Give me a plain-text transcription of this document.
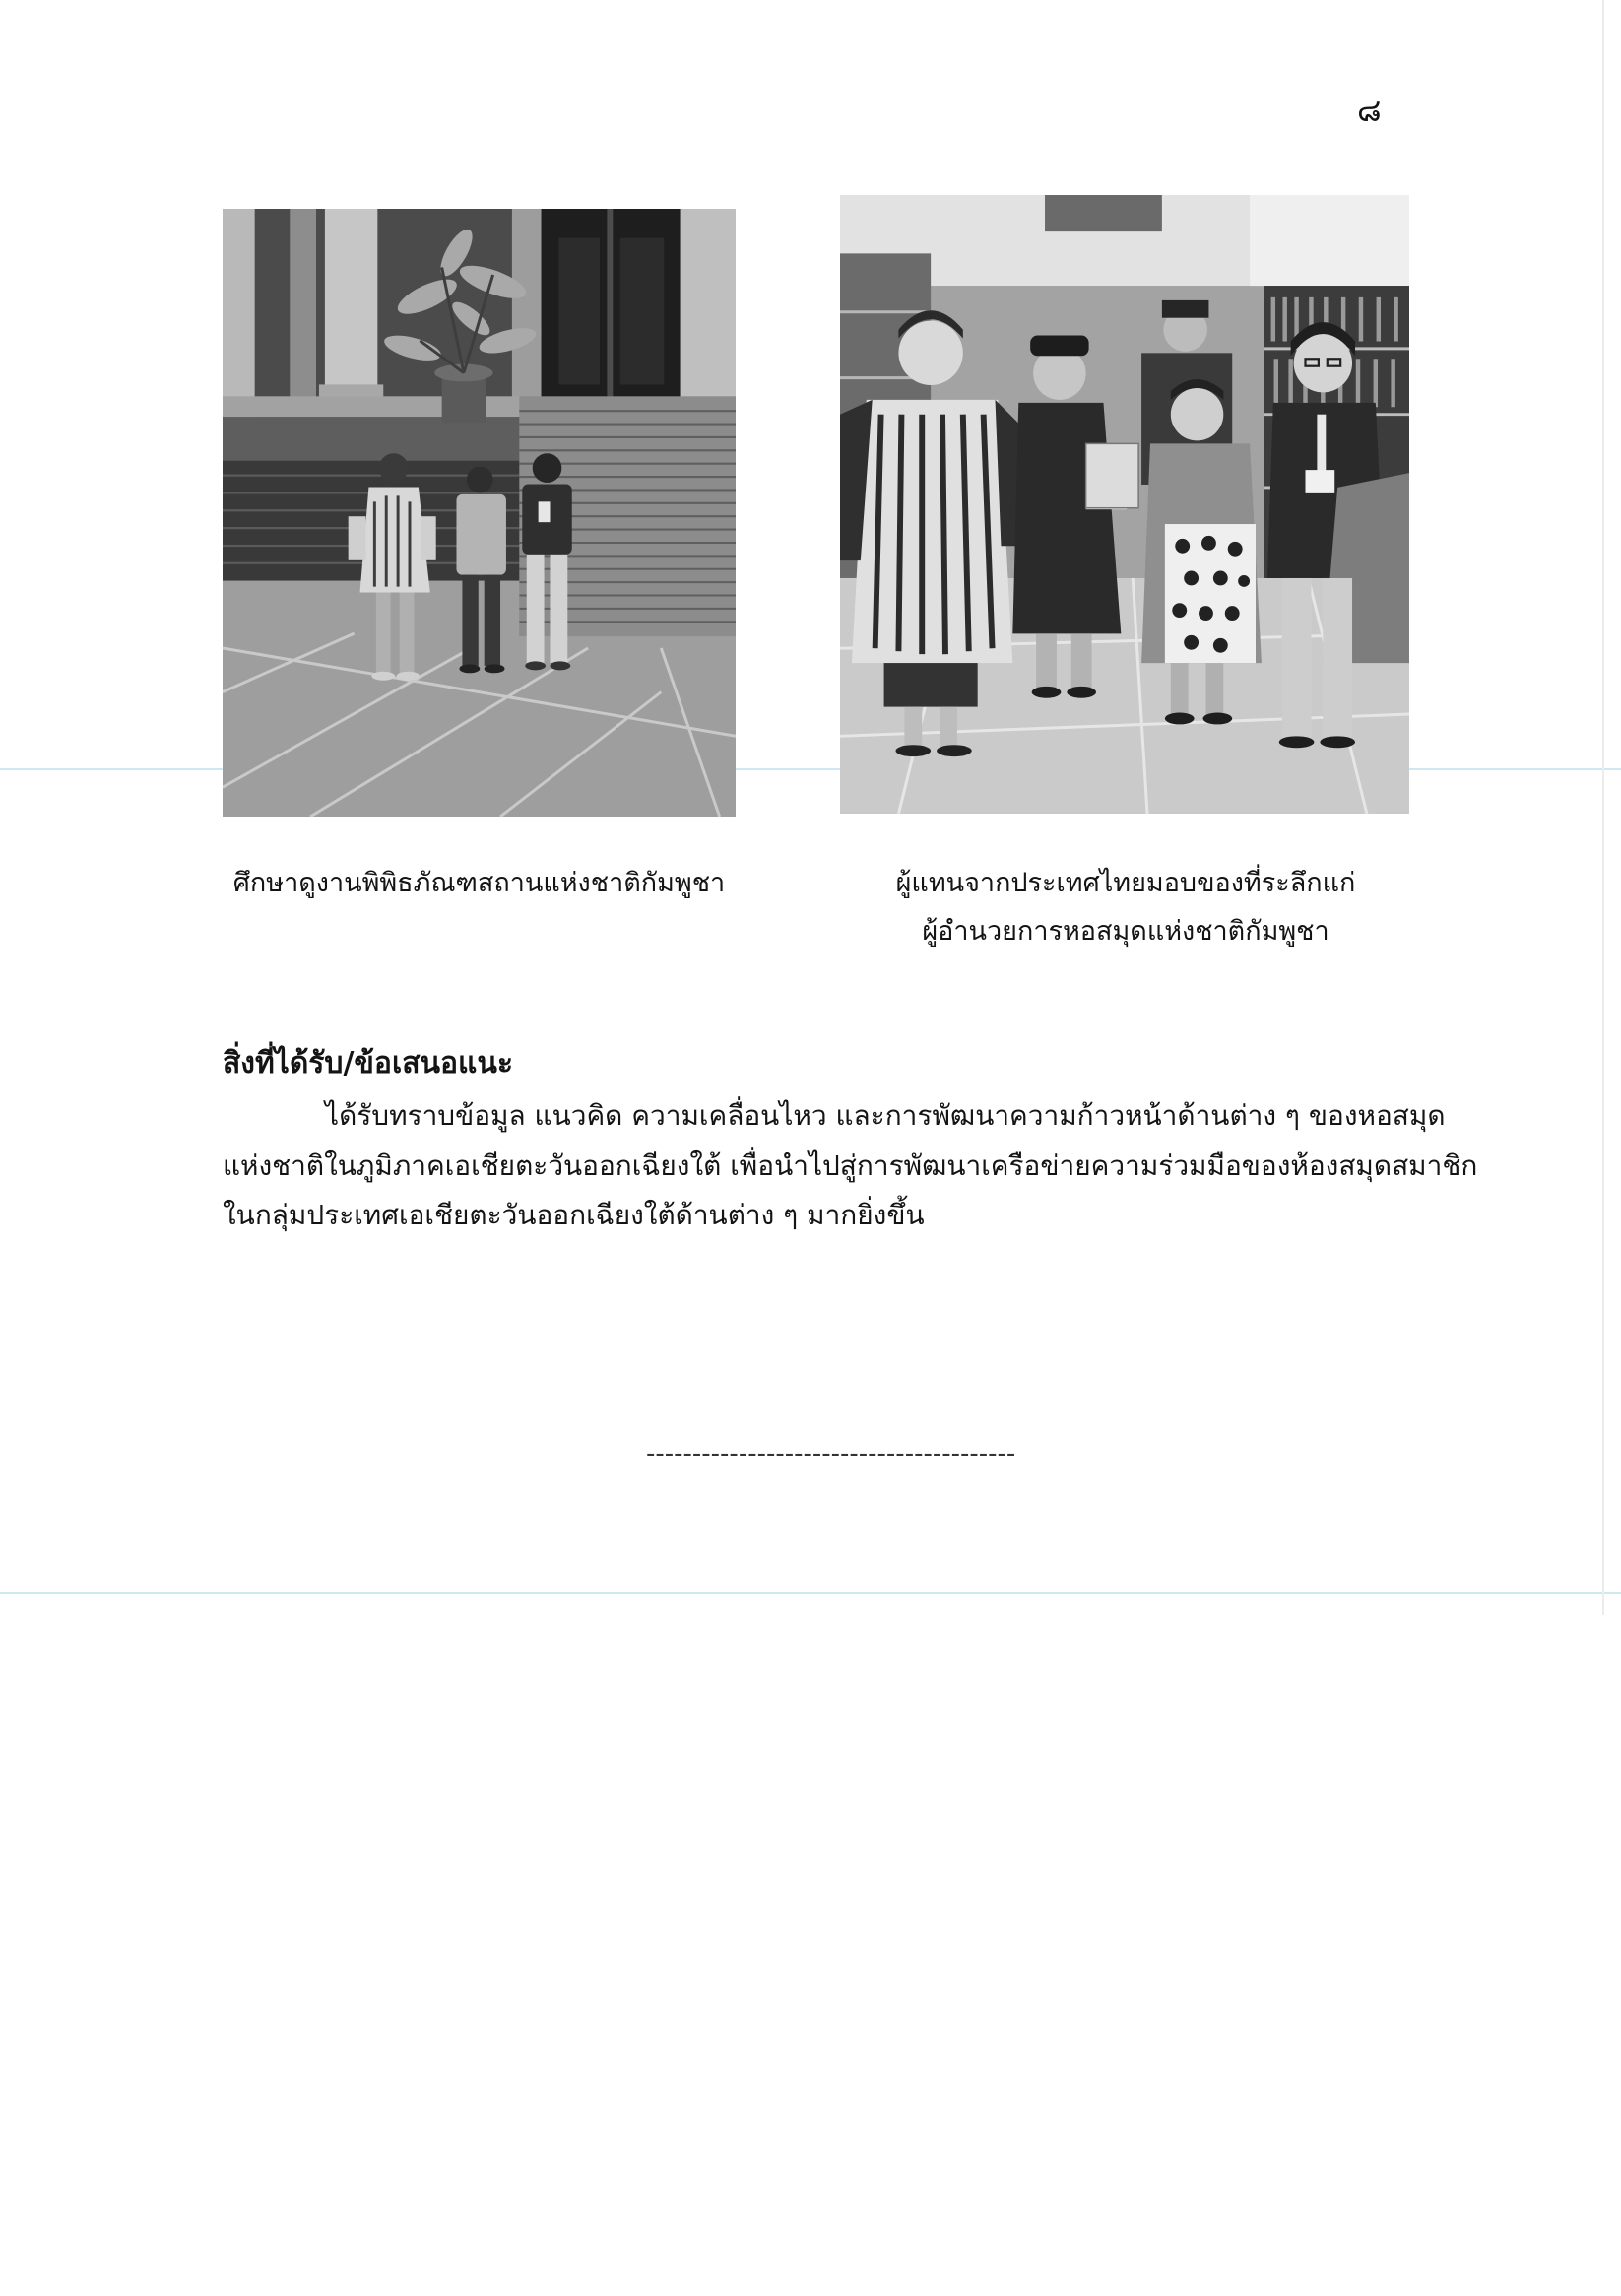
๘
ศึกษาดูงานพิพิธภัณฑสถานแห่งชาติกัมพูชา	ผู้แทนจากประเทศไทยมอบของที่ระลึกแก่
ผู้อำนวยการหอสมุดแห่งชาติกัมพูชา
สิ่งที่ได้รับ/ข้อเสนอแนะ
ได้รับทราบข้อมูล แนวคิด ความเคลื่อนไหว และการพัฒนาความก้าวหน้าด้านต่าง ๆ ของหอสมุด
แห่งชาติในภูมิภาคเอเชียตะวันออกเฉียงใต้ เพื่อนำไปสู่การพัฒนาเครือข่ายความร่วมมือของห้องสมุดสมาชิก
ในกลุ่มประเทศเอเชียตะวันออกเฉียงใต้ด้านต่าง ๆ มากยิ่งขึ้น
----------------------------------------
